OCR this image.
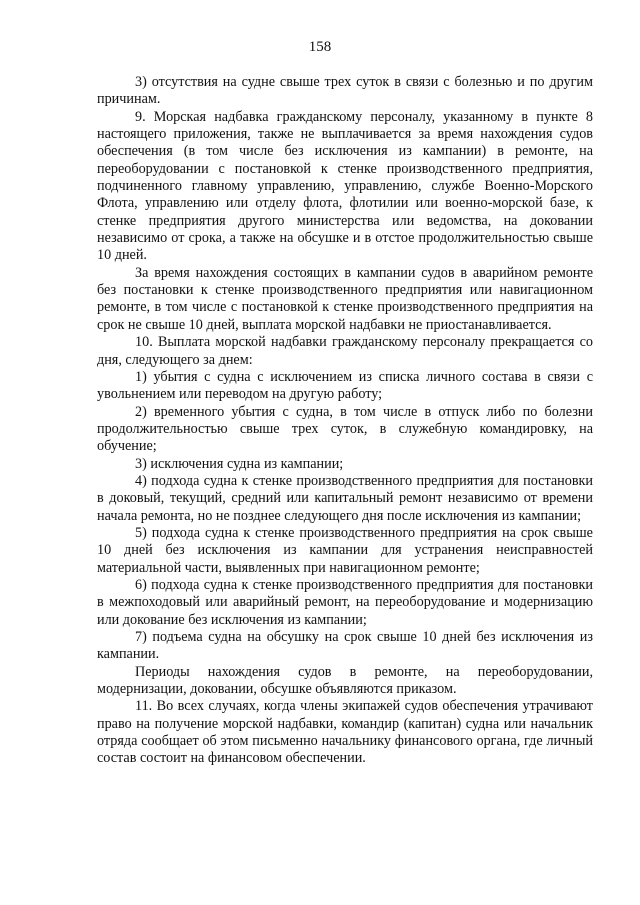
158

3) отсутствия на судне свыше трех суток в связи с болезнью и по другим причинам.

9. Морская надбавка гражданскому персоналу, указанному в пункте 8 настоящего приложения, также не выплачивается за время нахождения судов обеспечения (в том числе без исключения из кампании) в ремонте, на переоборудовании с постановкой к стенке производственного предприятия, подчиненного главному управлению, управлению, службе Военно-Морского Флота, управлению или отделу флота, флотилии или военно-морской базе, к стенке предприятия другого министерства или ведомства, на доковании независимо от срока, а также на обсушке и в отстое продолжительностью свыше 10 дней.

За время нахождения состоящих в кампании судов в аварийном ремонте без постановки к стенке производственного предприятия или навигационном ремонте, в том числе с постановкой к стенке производственного предприятия на срок не свыше 10 дней, выплата морской надбавки не приостанавливается.

10. Выплата морской надбавки гражданскому персоналу прекращается со дня, следующего за днем:

1) убытия с судна с исключением из списка личного состава в связи с увольнением или переводом на другую работу;

2) временного убытия с судна, в том числе в отпуск либо по болезни продолжительностью свыше трех суток, в служебную командировку, на обучение;

3) исключения судна из кампании;

4) подхода судна к стенке производственного предприятия для постановки в доковый, текущий, средний или капитальный ремонт независимо от времени начала ремонта, но не позднее следующего дня после исключения из кампании;

5) подхода судна к стенке производственного предприятия на срок свыше 10 дней без исключения из кампании для устранения неисправностей материальной части, выявленных при навигационном ремонте;

6) подхода судна к стенке производственного предприятия для постановки в межпоходовый или аварийный ремонт, на переоборудование и модернизацию или докование без исключения из кампании;

7) подъема судна на обсушку на срок свыше 10 дней без исключения из кампании.

Периоды нахождения судов в ремонте, на переоборудовании, модернизации, доковании, обсушке объявляются приказом.

11. Во всех случаях, когда члены экипажей судов обеспечения утрачивают право на получение морской надбавки, командир (капитан) судна или начальник отряда сообщает об этом письменно начальнику финансового органа, где личный состав состоит на финансовом обеспечении.
